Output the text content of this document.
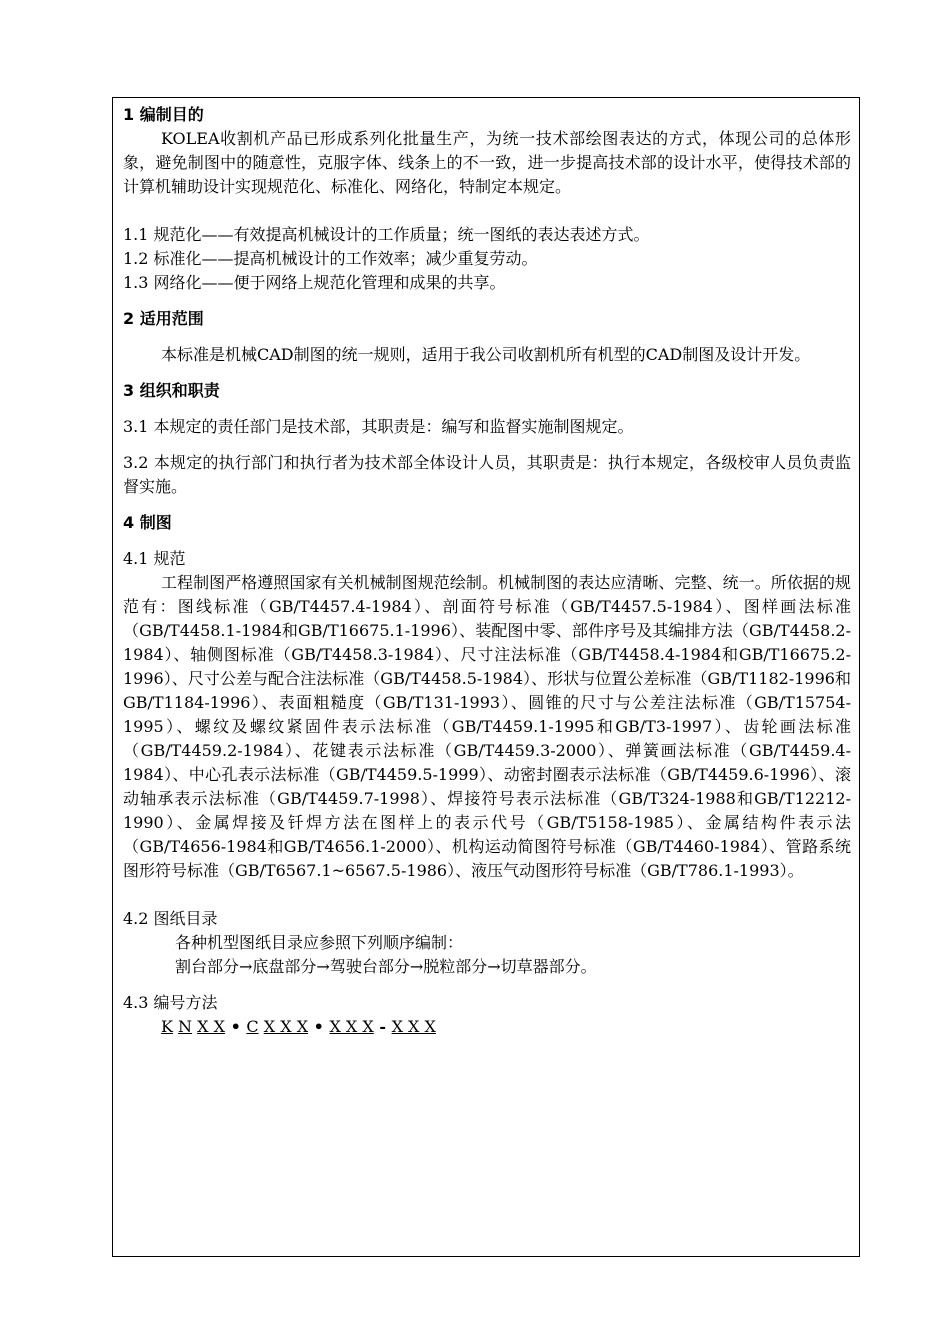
1 编制目的

KOLEA收割机产品已形成系列化批量生产，为统一技术部绘图表达的方式，体现公司的总体形象，避免制图中的随意性，克服字体、线条上的不一致，进一步提高技术部的设计水平，使得技术部的计算机辅助设计实现规范化、标准化、网络化，特制定本规定。

1.1 规范化——有效提高机械设计的工作质量；统一图纸的表达表述方式。

1.2 标准化——提高机械设计的工作效率；减少重复劳动。

1.3 网络化——便于网络上规范化管理和成果的共享。

2 适用范围

本标准是机械CAD制图的统一规则，适用于我公司收割机所有机型的CAD制图及设计开发。

3 组织和职责

3.1 本规定的责任部门是技术部，其职责是：编写和监督实施制图规定。

3.2 本规定的执行部门和执行者为技术部全体设计人员，其职责是：执行本规定，各级校审人员负责监督实施。

4 制图

4.1 规范

工程制图严格遵照国家有关机械制图规范绘制。机械制图的表达应清晰、完整、统一。所依据的规范有：图线标准（GB/T4457.4-1984）、剖面符号标准（GB/T4457.5-1984）、图样画法标准（GB/T4458.1-1984和GB/T16675.1-1996）、装配图中零、部件序号及其编排方法（GB/T4458.2-1984）、轴侧图标准（GB/T4458.3-1984）、尺寸注法标准（GB/T4458.4-1984和GB/T16675.2-1996）、尺寸公差与配合注法标准（GB/T4458.5-1984）、形状与位置公差标准（GB/T1182-1996和GB/T1184-1996）、表面粗糙度（GB/T131-1993）、圆锥的尺寸与公差注法标准（GB/T15754-1995）、螺纹及螺纹紧固件表示法标准（GB/T4459.1-1995和GB/T3-1997）、齿轮画法标准（GB/T4459.2-1984）、花键表示法标准（GB/T4459.3-2000）、弹簧画法标准（GB/T4459.4-1984）、中心孔表示法标准（GB/T4459.5-1999）、动密封圈表示法标准（GB/T4459.6-1996）、滚动轴承表示法标准（GB/T4459.7-1998）、焊接符号表示法标准（GB/T324-1988和GB/T12212-1990）、金属焊接及钎焊方法在图样上的表示代号（GB/T5158-1985）、金属结构件表示法（GB/T4656-1984和GB/T4656.1-2000）、机构运动简图符号标准（GB/T4460-1984）、管路系统图形符号标准（GB/T6567.1~6567.5-1986）、液压气动图形符号标准（GB/T786.1-1993）。

4.2 图纸目录

各种机型图纸目录应参照下列顺序编制：

割台部分→底盘部分→驾驶台部分→脱粒部分→切草器部分。

4.3 编号方法

K N X X • C X X X • X X X - X X X
